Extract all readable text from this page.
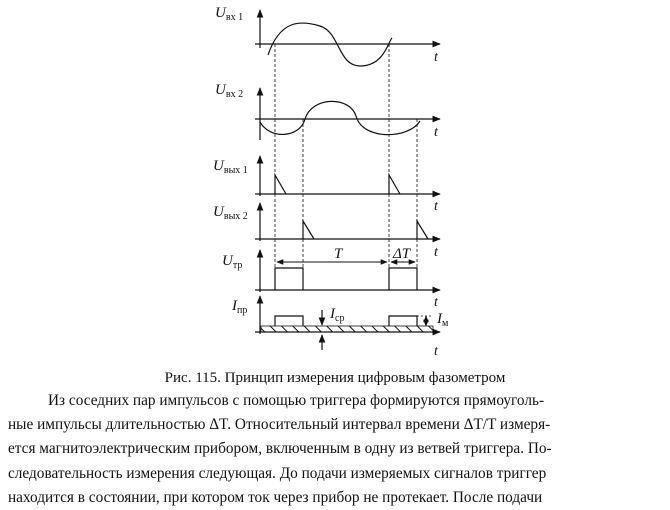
$U_{вх 1}$
$U_{вх 2}$
$U_{вых 1}$
$U_{вых 2}$
$U_{тр}$
$I_{пр}$	$I_{ср}$	$I_м$
T	ΔT
t
t
t
t
t
t
Рис. 115. Принцип измерения цифровым фазометром

Из соседних пар импульсов с помощью триггера формируются прямоуголь-

ные импульсы длительностью ΔT. Относительный интервал времени ΔT/T измеря-

ется магнитоэлектрическим прибором, включенным в одну из ветвей триггера. По-

следовательность измерения следующая. До подачи измеряемых сигналов триггер

находится в состоянии, при котором ток через прибор не протекает. После подачи
